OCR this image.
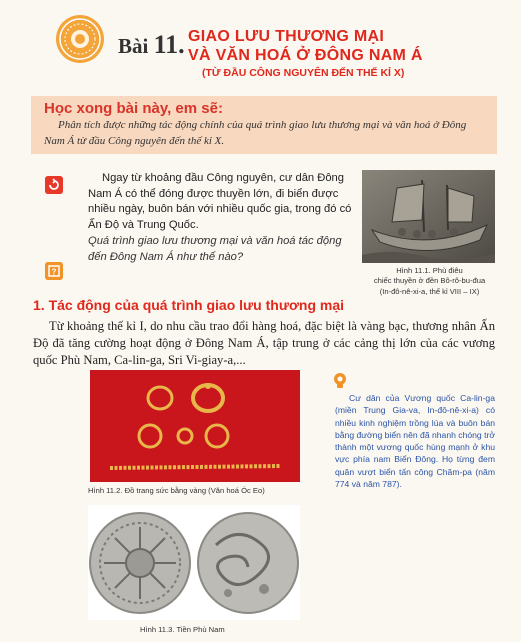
Bài 11. GIAO LƯU THƯƠNG MẠI
VÀ VĂN HOÁ Ở ĐÔNG NAM Á
(TỪ ĐẦU CÔNG NGUYÊN ĐẾN THẾ KỈ X)
Học xong bài này, em sẽ:
Phân tích được những tác động chính của quá trình giao lưu thương mại và văn hoá ở Đông Nam Á từ đầu Công nguyên đến thế kỉ X.
?
Ngay từ khoảng đầu Công nguyên, cư dân Đông Nam Á có thể đóng được thuyền lớn, đi biển được nhiều ngày, buôn bán với nhiều quốc gia, trong đó có Ấn Độ và Trung Quốc.
Quá trình giao lưu thương mại và văn hoá tác động đến Đông Nam Á như thế nào?
Hình 11.1. Phù điêu
chiếc thuyền ở đền Bô-rô-bu-đua
(In-đô-nê-xi-a, thế kỉ VIII – IX)
1. Tác động của quá trình giao lưu thương mại
Từ khoảng thế kỉ I, do nhu cầu trao đổi hàng hoá, đặc biệt là vàng bạc, thương nhân Ấn Độ đã tăng cường hoạt động ở Đông Nam Á, tập trung ở các cảng thị lớn của các vương quốc Phù Nam, Ca-lin-ga, Sri Vi-giay-a,...
Hình 11.2. Đồ trang sức bằng vàng (Văn hoá Óc Eo)
Hình 11.3. Tiền Phù Nam
Cư dân của Vương quốc Ca-lin-ga (miền Trung Gia-va, In-đô-nê-xi-a) có nhiều kinh nghiệm trồng lúa và buôn bán bằng đường biển nên đã nhanh chóng trở thành một vương quốc hùng mạnh ở khu vực phía nam Biển Đông. Họ từng đem quân vượt biển tấn công Chăm-pa (năm 774 và năm 787).
